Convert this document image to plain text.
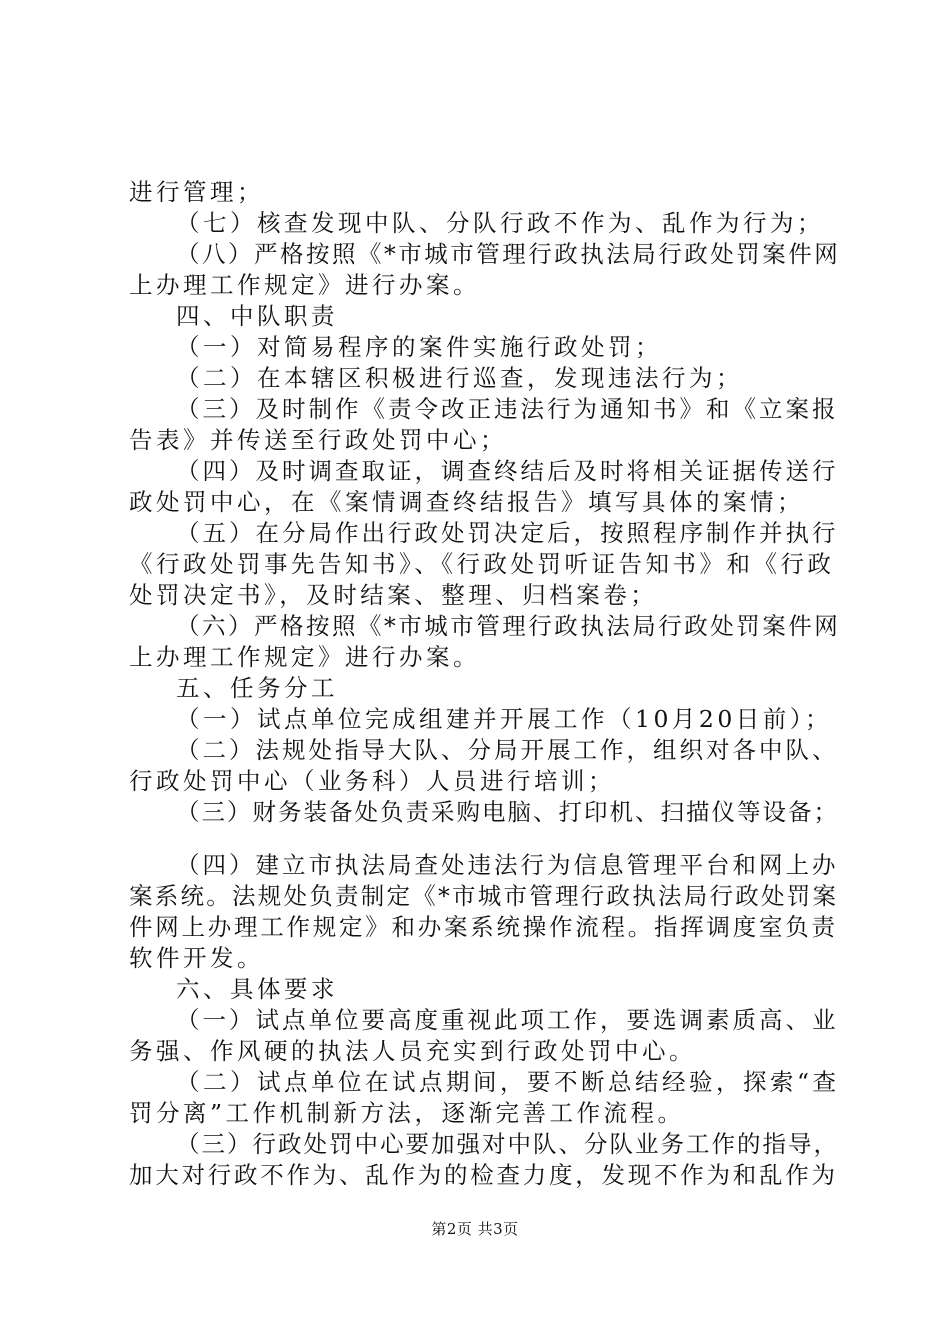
进行管理；
（七）核查发现中队、分队行政不作为、乱作为行为；
（八）严格按照《*市城市管理行政执法局行政处罚案件网
上办理工作规定》进行办案。
四、中队职责
（一）对简易程序的案件实施行政处罚；
（二）在本辖区积极进行巡查，发现违法行为；
（三）及时制作《责令改正违法行为通知书》和《立案报
告表》并传送至行政处罚中心；
（四）及时调查取证，调查终结后及时将相关证据传送行
政处罚中心，在《案情调查终结报告》填写具体的案情；
（五）在分局作出行政处罚决定后，按照程序制作并执行
《行政处罚事先告知书》、《行政处罚听证告知书》和《行政
处罚决定书》，及时结案、整理、归档案卷；
（六）严格按照《*市城市管理行政执法局行政处罚案件网
上办理工作规定》进行办案。
五、任务分工
（一）试点单位完成组建并开展工作（10月20日前）；
（二）法规处指导大队、分局开展工作，组织对各中队、
行政处罚中心（业务科）人员进行培训；
（三）财务装备处负责采购电脑、打印机、扫描仪等设备；
（四）建立市执法局查处违法行为信息管理平台和网上办
案系统。法规处负责制定《*市城市管理行政执法局行政处罚案
件网上办理工作规定》和办案系统操作流程。指挥调度室负责
软件开发。
六、具体要求
（一）试点单位要高度重视此项工作，要选调素质高、业
务强、作风硬的执法人员充实到行政处罚中心。
（二）试点单位在试点期间，要不断总结经验，探索“查
罚分离”工作机制新方法，逐渐完善工作流程。
（三）行政处罚中心要加强对中队、分队业务工作的指导，
加大对行政不作为、乱作为的检查力度，发现不作为和乱作为
第2页 共3页
